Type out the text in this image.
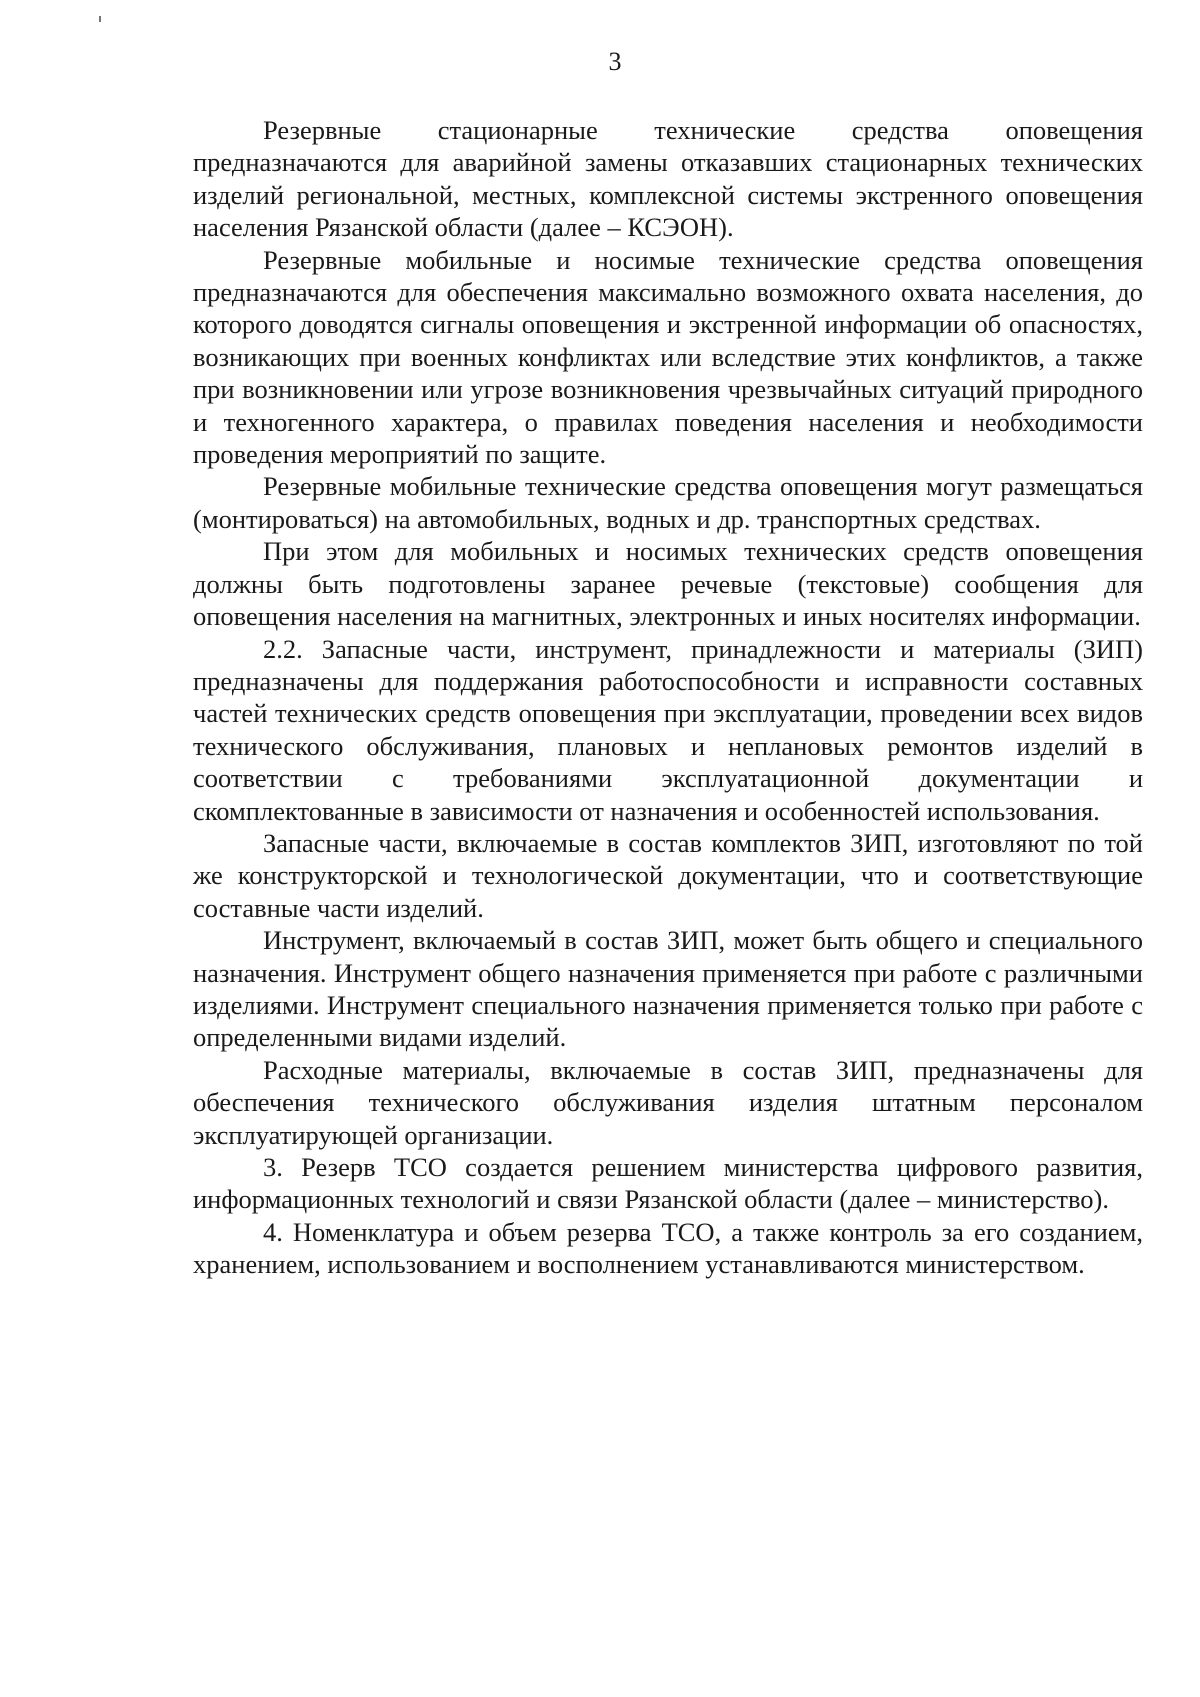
3

Резервные стационарные технические средства оповещения предназначаются для аварийной замены отказавших стационарных технических изделий региональной, местных, комплексной системы экстренного оповещения населения Рязанской области (далее – КСЭОН).

Резервные мобильные и носимые технические средства оповещения предназначаются для обеспечения максимально возможного охвата населения, до которого доводятся сигналы оповещения и экстренной информации об опасностях, возникающих при военных конфликтах или вследствие этих конфликтов, а также при возникновении или угрозе возникновения чрезвычайных ситуаций природного и техногенного характера, о правилах поведения населения и необходимости проведения мероприятий по защите.

Резервные мобильные технические средства оповещения могут размещаться (монтироваться) на автомобильных, водных и др. транспортных средствах.

При этом для мобильных и носимых технических средств оповещения должны быть подготовлены заранее речевые (текстовые) сообщения для оповещения населения на магнитных, электронных и иных носителях информации.

2.2. Запасные части, инструмент, принадлежности и материалы (ЗИП) предназначены для поддержания работоспособности и исправности составных частей технических средств оповещения при эксплуатации, проведении всех видов технического обслуживания, плановых и неплановых ремонтов изделий в соответствии с требованиями эксплуатационной документации и скомплектованные в зависимости от назначения и особенностей использования.

Запасные части, включаемые в состав комплектов ЗИП, изготовляют по той же конструкторской и технологической документации, что и соответствующие составные части изделий.

Инструмент, включаемый в состав ЗИП, может быть общего и специального назначения. Инструмент общего назначения применяется при работе с различными изделиями. Инструмент специального назначения применяется только при работе с определенными видами изделий.

Расходные материалы, включаемые в состав ЗИП, предназначены для обеспечения технического обслуживания изделия штатным персоналом эксплуатирующей организации.

3. Резерв ТСО создается решением министерства цифрового развития, информационных технологий и связи Рязанской области (далее – министерство).

4. Номенклатура и объем резерва ТСО, а также контроль за его созданием, хранением, использованием и восполнением устанавливаются министерством.
